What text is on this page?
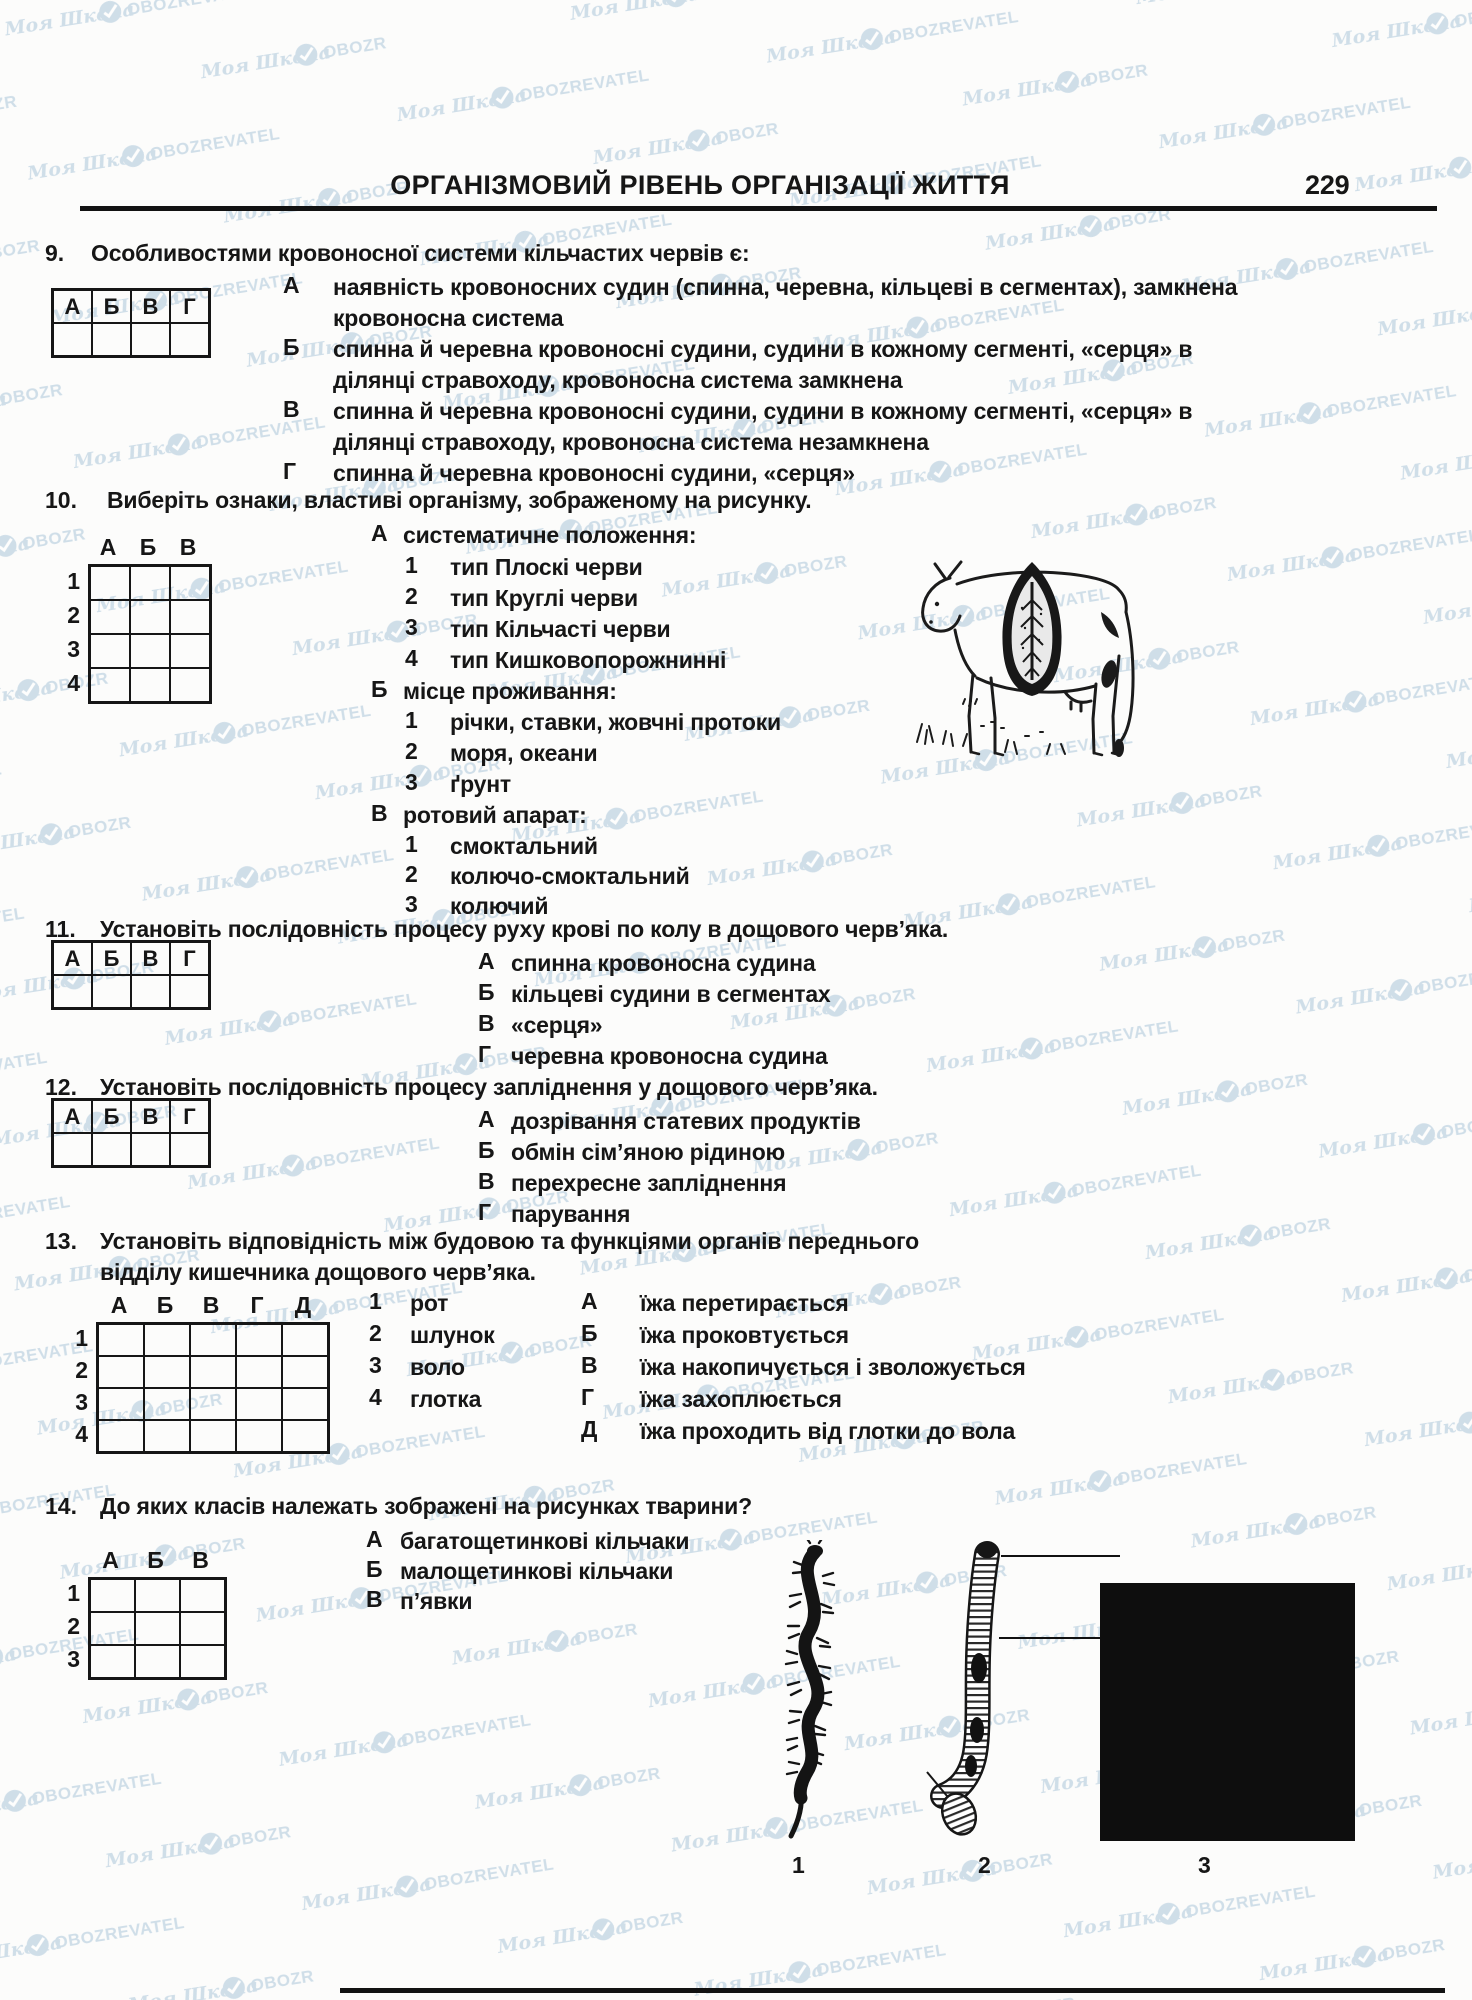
ОРГАНІЗМОВИЙ РІВЕНЬ ОРГАНІЗАЦІЇ ЖИТТЯ	229
9.	Особливостями кровоносної системи кільчастих червів є:
А	Б	В	Г
А	наявність кровоносних судин (спинна, черевна, кільцеві в сегментах), замкнена кровоносна система
Б	спинна й черевна кровоносні судини, судини в кожному сегменті, «серця» в ділянці стравоходу, кровоносна система замкнена
В	спинна й черевна кровоносні судини, судини в кожному сегменті, «серця» в ділянці стравоходу, кровоносна система незамкнена
Г	спинна й черевна кровоносні судини, «серця»
10.	Виберіть ознаки, властиві організму, зображеному на рисунку.
А	Б	В
1
2
3
4
А систематичне положення:
1	тип Плоскі черви
2	тип Круглі черви
3	тип Кільчасті черви
4	тип Кишковопорожнинні
Б місце проживання:
1	річки, ставки, жовчні протоки
2	моря, океани
3	ґрунт
В ротовий апарат:
1	смоктальний
2	колючо-смоктальний
3	колючий
11.	Установіть послідовність процесу руху крові по колу в дощового черв’яка.
А	Б	В	Г	А спинна кровоносна судина
Б кільцеві судини в сегментах
В «серця»
Г черевна кровоносна судина
12.	Установіть послідовність процесу запліднення у дощового черв’яка.
А	Б	В	Г	А дозрівання статевих продуктів
Б обмін сім’яною рідиною
В перехресне запліднення
Г парування
13.	Установіть відповідність між будовою та функціями органів переднього
відділу кишечника дощового черв’яка.
А	Б	В	Г	Д
1
2
3
4
1	рот
2	шлунок
3	воло
4	глотка
А	їжа перетирається
Б	їжа проковтується
В	їжа накопичується і зволожується
Г	їжа захоплюється
Д	їжа проходить від глотки до вола
14.	До яких класів належать зображені на рисунках тварини?
А багатощетинкові кільчаки
Б малощетинкові кільчаки
В п’явки
А	Б	В
1
2
3
1	2	3
